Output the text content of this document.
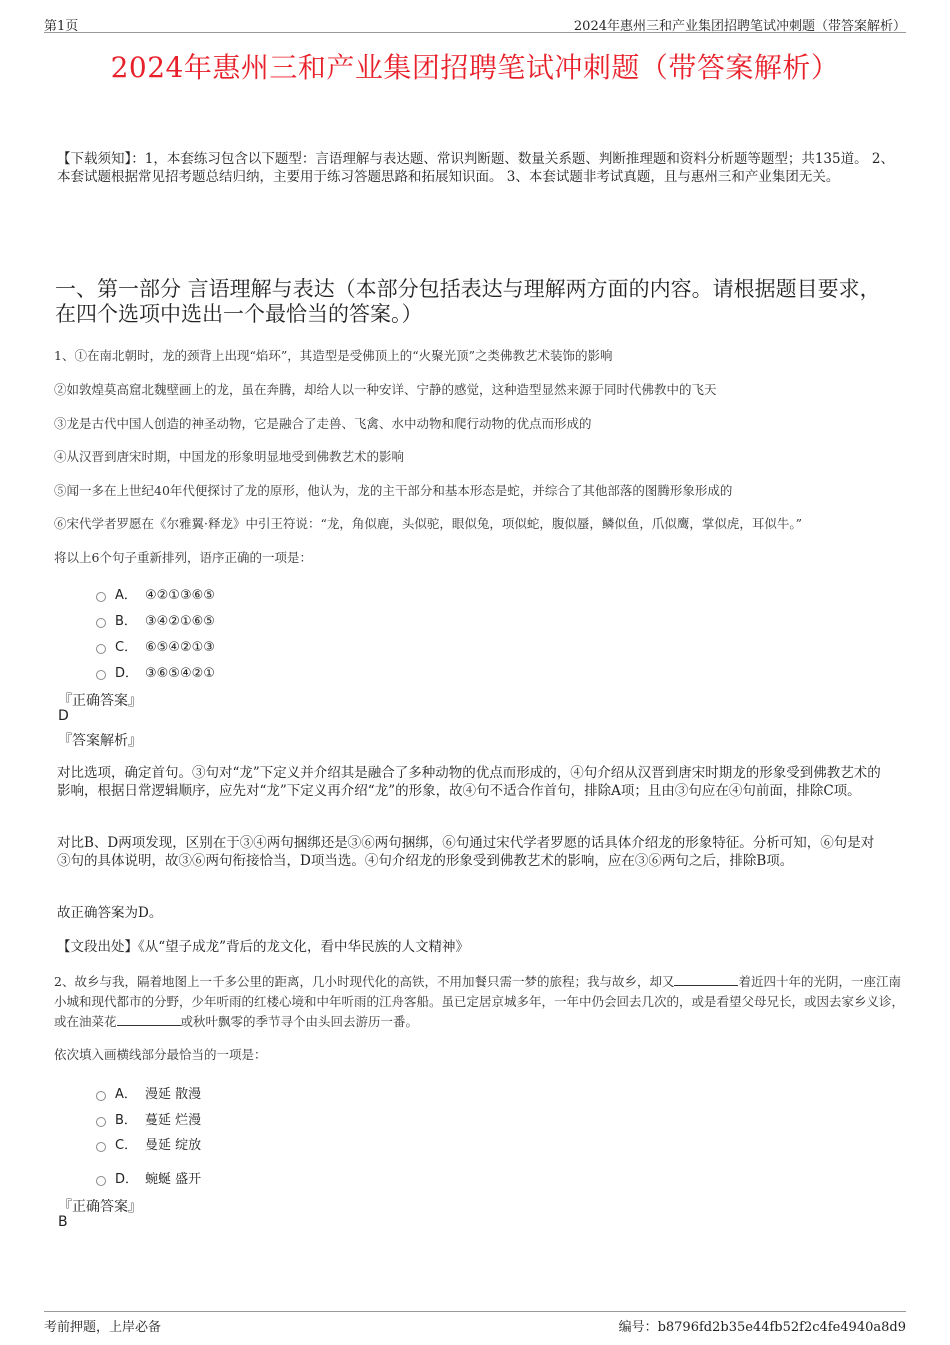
第1页	2024年惠州三和产业集团招聘笔试冲刺题（带答案解析）
2024年惠州三和产业集团招聘笔试冲刺题（带答案解析）
【下载须知】：1，本套练习包含以下题型：言语理解与表达题、常识判断题、数量关系题、判断推理题和资料分析题等题型；共135道。 2、本套试题根据常见招考题总结归纳，主要用于练习答题思路和拓展知识面。 3、本套试题非考试真题，且与惠州三和产业集团无关。
一、第一部分 言语理解与表达（本部分包括表达与理解两方面的内容。请根据题目要求，在四个选项中选出一个最恰当的答案。）
1、①在南北朝时，龙的颈背上出现“焰环”，其造型是受佛顶上的“火聚光顶”之类佛教艺术装饰的影响
②如敦煌莫高窟北魏壁画上的龙，虽在奔腾，却给人以一种安详、宁静的感觉，这种造型显然来源于同时代佛教中的飞天
③龙是古代中国人创造的神圣动物，它是融合了走兽、飞禽、水中动物和爬行动物的优点而形成的
④从汉晋到唐宋时期，中国龙的形象明显地受到佛教艺术的影响
⑤闻一多在上世纪40年代便探讨了龙的原形，他认为，龙的主干部分和基本形态是蛇，并综合了其他部落的图腾形象形成的
⑥宋代学者罗愿在《尔雅翼·释龙》中引王符说：“龙，角似鹿，头似驼，眼似兔，项似蛇，腹似蜃，鳞似鱼，爪似鹰，掌似虎，耳似牛。”
将以上6个句子重新排列，语序正确的一项是：
A． ④②①③⑥⑤
B． ③④②①⑥⑤
C． ⑥⑤④②①③
D． ③⑥⑤④②①
『正确答案』
D
『答案解析』
对比选项，确定首句。③句对“龙”下定义并介绍其是融合了多种动物的优点而形成的，④句介绍从汉晋到唐宋时期龙的形象受到佛教艺术的影响，根据日常逻辑顺序，应先对“龙”下定义再介绍“龙”的形象，故④句不适合作首句，排除A项；且由③句应在④句前面，排除C项。
对比B、D两项发现，区别在于③④两句捆绑还是③⑥两句捆绑，⑥句通过宋代学者罗愿的话具体介绍龙的形象特征。分析可知，⑥句是对③句的具体说明，故③⑥两句衔接恰当，D项当选。④句介绍龙的形象受到佛教艺术的影响，应在③⑥两句之后，排除B项。
故正确答案为D。
【文段出处】《从“望子成龙”背后的龙文化，看中华民族的人文精神》
2、故乡与我，隔着地图上一千多公里的距离，几小时现代化的高铁，不用加餐只需一梦的旅程；我与故乡，却又	着近四十年的光阴，一座江南小城和现代都市的分野，少年听雨的红楼心境和中年听雨的江舟客船。虽已定居京城多年，一年中仍会回去几次的，或是看望父母兄长，或因去家乡义诊，或在油菜花	或秋叶飘零的季节寻个由头回去游历一番。
依次填入画横线部分最恰当的一项是：
A． 漫延 散漫
B． 蔓延 烂漫
C． 曼延 绽放
D． 蜿蜒 盛开
『正确答案』
B
考前押题，上岸必备	编号：b8796fd2b35e44fb52f2c4fe4940a8d9
